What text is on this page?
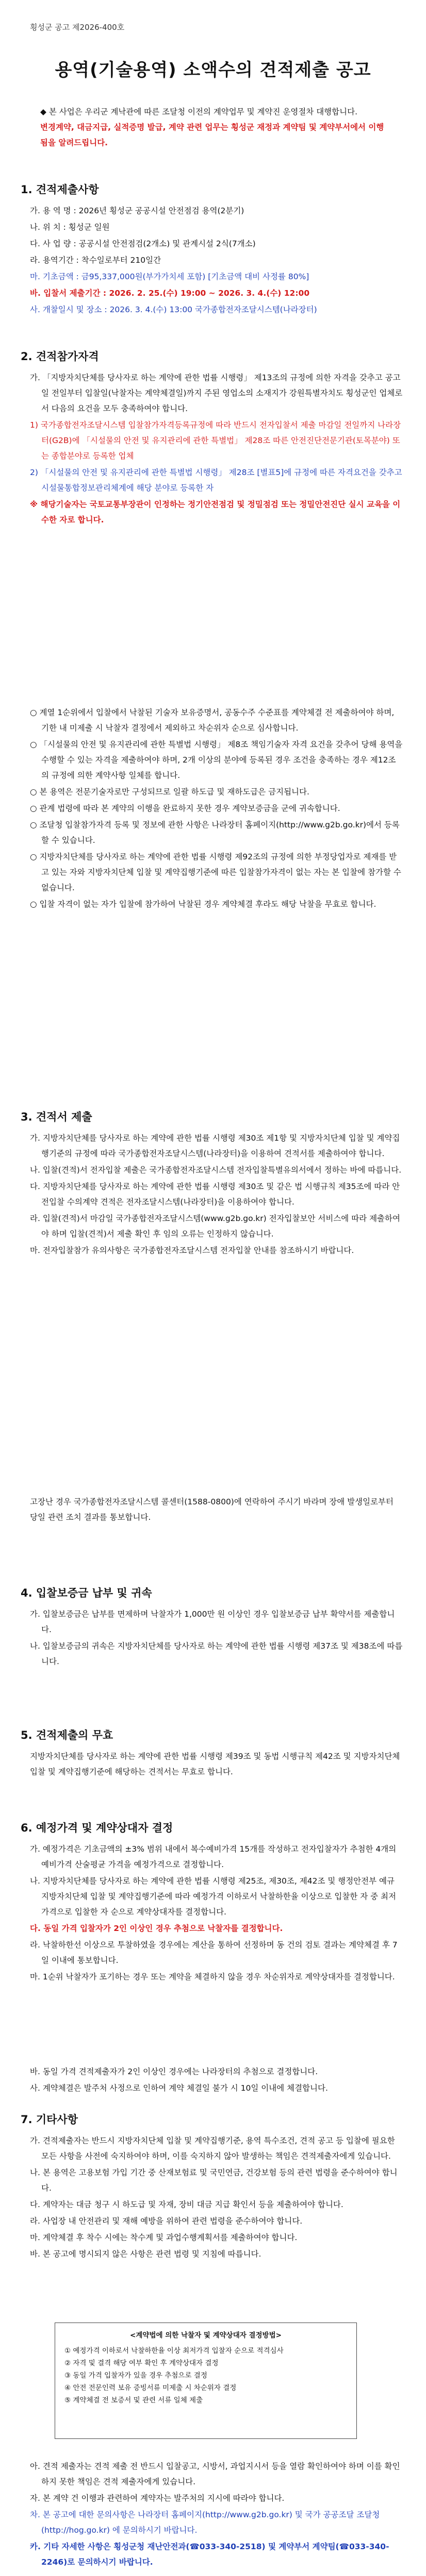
횡성군 공고 제2026-400호
용역(기술용역) 소액수의 견적제출 공고
◆ 본 사업은 우리군 계낙관에 따른 조달청 이전의 계약업무 및 계약진 운영절차 대행합니다.
변경계약, 대금지급, 실적증명 발급, 계약 관련 업무는 횡성군 재정과 계약팀 및 계약부서에서 이행됨을 알려드립니다.
1. 견적제출사항
가. 용 역 명 : 2026년 횡성군 공공시설 안전점검 용역(2분기)
나. 위 치 : 횡성군 일원
다. 사 업 량 : 공공시설 안전점검(2개소) 및 관계시설 2식(7개소)
라. 용역기간 : 착수일로부터 210일간
마. 기초금액 : 금95,337,000원(부가가치세 포함) [기초금액 대비 사정률 80%]
바. 입찰서 제출기간 : 2026. 2. 25.(수) 19:00 ~ 2026. 3. 4.(수) 12:00
사. 개찰일시 및 장소 : 2026. 3. 4.(수) 13:00 국가종합전자조달시스템(나라장터)
2. 견적참가자격
가. 「지방자치단체를 당사자로 하는 계약에 관한 법률 시행령」 제13조의 규정에 의한 자격을 갖추고 공고일 전일부터 입찰일(낙찰자는 계약체결일)까지 주된 영업소의 소재지가 강원특별자치도 횡성군인 업체로서 다음의 요건을 모두 충족하여야 합니다.
1) 국가종합전자조달시스템 입찰참가자격등록규정에 따라 반드시 전자입찰서 제출 마감일 전일까지 나라장터(G2B)에 「시설물의 안전 및 유지관리에 관한 특별법」 제28조 따른 안전진단전문기관(토목분야) 또는 종합분야로 등록한 업체
2) 「시설물의 안전 및 유지관리에 관한 특별법 시행령」 제28조 [별표5]에 규정에 따른 자격요건을 갖추고 시설물통합정보관리체계에 해당 분야로 등록한 자
※ 해당기술자는 국토교통부장관이 인정하는 정기안전점검 및 정밀점검 또는 정밀안전진단 실시 교육을 이수한 자로 합니다.
○ 계열 1순위에서 입찰에서 낙찰된 기술자 보유증명서, 공동수주 수준표를 계약체결 전 제출하여야 하며, 기한 내 미제출 시 낙찰자 결정에서 제외하고 차순위자 순으로 심사합니다.
○ 「시설물의 안전 및 유지관리에 관한 특별법 시행령」 제8조 책임기술자 자격 요건을 갖추어 당해 용역을 수행할 수 있는 자격을 제출하여야 하며, 2개 이상의 분야에 등록된 경우 조건을 충족하는 경우 제12조의 규정에 의한 계약사항 일체를 합니다.
○ 본 용역은 전문기술자로만 구성되므로 일괄 하도급 및 재하도급은 금지됩니다.
○ 관계 법령에 따라 본 계약의 이행을 완료하지 못한 경우 계약보증금을 군에 귀속합니다.
○ 조달청 입찰참가자격 등록 및 정보에 관한 사항은 나라장터 홈페이지(http://www.g2b.go.kr)에서 등록할 수 있습니다.
○ 지방자치단체를 당사자로 하는 계약에 관한 법률 시행령 제92조의 규정에 의한 부정당업자로 제재를 받고 있는 자와 지방자치단체 입찰 및 계약집행기준에 따른 입찰참가자격이 없는 자는 본 입찰에 참가할 수 없습니다.
○ 입찰 자격이 없는 자가 입찰에 참가하여 낙찰된 경우 계약체결 후라도 해당 낙찰을 무효로 합니다.
3. 견적서 제출
가. 지방자치단체를 당사자로 하는 계약에 관한 법률 시행령 제30조 제1항 및 지방자치단체 입찰 및 계약집행기준의 규정에 따라 국가종합전자조달시스템(나라장터)을 이용하여 견적서를 제출하여야 합니다.
나. 입찰(견적)서 전자입찰 제출은 국가종합전자조달시스템 전자입찰특별유의서에서 정하는 바에 따릅니다.
다. 지방자치단체를 당사자로 하는 계약에 관한 법률 시행령 제30조 및 같은 법 시행규칙 제35조에 따라 안전입찰 수의계약 견적은 전자조달시스템(나라장터)을 이용하여야 합니다.
라. 입찰(견적)서 마감일 국가종합전자조달시스템(www.g2b.go.kr) 전자입찰보안 서비스에 따라 제출하여야 하며 입찰(견적)서 제출 확인 후 임의 오류는 인정하지 않습니다.
마. 전자입찰참가 유의사항은 국가종합전자조달시스템 전자입찰 안내를 참조하시기 바랍니다.
고장난 경우 국가종합전자조달시스템 콜센터(1588-0800)에 연락하여 주시기 바라며 장애 발생일로부터 당일 관련 조치 결과를 통보합니다.
4. 입찰보증금 납부 및 귀속
가. 입찰보증금은 납부를 면제하며 낙찰자가 1,000만 원 이상인 경우 입찰보증금 납부 확약서를 제출합니다.
나. 입찰보증금의 귀속은 지방자치단체를 당사자로 하는 계약에 관한 법률 시행령 제37조 및 제38조에 따릅니다.
5. 견적제출의 무효
지방자치단체를 당사자로 하는 계약에 관한 법률 시행령 제39조 및 동법 시행규칙 제42조 및 지방자치단체 입찰 및 계약집행기준에 해당하는 견적서는 무효로 합니다.
6. 예정가격 및 계약상대자 결정
가. 예정가격은 기초금액의 ±3% 범위 내에서 복수예비가격 15개를 작성하고 전자입찰자가 추첨한 4개의 예비가격 산술평균 가격을 예정가격으로 결정합니다.
나. 지방자치단체를 당사자로 하는 계약에 관한 법률 시행령 제25조, 제30조, 제42조 및 행정안전부 예규 지방자치단체 입찰 및 계약집행기준에 따라 예정가격 이하로서 낙찰하한율 이상으로 입찰한 자 중 최저가격으로 입찰한 자 순으로 계약상대자를 결정합니다.
다. 동일 가격 입찰자가 2인 이상인 경우 추첨으로 낙찰자를 결정합니다.
라. 낙찰하한선 이상으로 투찰하였을 경우에는 계산을 통하여 선정하며 동 건의 검토 결과는 계약체결 후 7일 이내에 통보합니다.
마. 1순위 낙찰자가 포기하는 경우 또는 계약을 체결하지 않을 경우 차순위자로 계약상대자를 결정합니다.
바. 동일 가격 견적제출자가 2인 이상인 경우에는 나라장터의 추첨으로 결정합니다.
사. 계약체결은 발주처 사정으로 인하여 계약 체결일 불가 시 10일 이내에 체결합니다.
7. 기타사항
가. 견적제출자는 반드시 지방자치단체 입찰 및 계약집행기준, 용역 특수조건, 견적 공고 등 입찰에 필요한 모든 사항을 사전에 숙지하여야 하며, 이를 숙지하지 않아 발생하는 책임은 견적제출자에게 있습니다.
나. 본 용역은 고용보험 가입 기간 중 산재보험료 및 국민연금, 건강보험 등의 관련 법령을 준수하여야 합니다.
다. 계약자는 대금 청구 시 하도급 및 자재, 장비 대금 지급 확인서 등을 제출하여야 합니다.
라. 사업장 내 안전관리 및 재해 예방을 위하여 관련 법령을 준수하여야 합니다.
마. 계약체결 후 착수 시에는 착수계 및 과업수행계획서를 제출하여야 합니다.
바. 본 공고에 명시되지 않은 사항은 관련 법령 및 지침에 따릅니다.
<계약법에 의한 낙찰자 및 계약상대자 결정방법>
① 예정가격 이하로서 낙찰하한율 이상 최저가격 입찰자 순으로 적격심사
② 자격 및 결격 해당 여부 확인 후 계약상대자 결정
③ 동일 가격 입찰자가 있을 경우 추첨으로 결정
④ 안전 전문인력 보유 증빙서류 미제출 시 차순위자 결정
⑤ 계약체결 전 보증서 및 관련 서류 일체 제출
아. 견적 제출자는 견적 제출 전 반드시 입찰공고, 시방서, 과업지시서 등을 열람 확인하여야 하며 이를 확인하지 못한 책임은 견적 제출자에게 있습니다.
자. 본 계약 건 이행과 관련하여 계약자는 발주처의 지시에 따라야 합니다.
차. 본 공고에 대한 문의사항은 나라장터 홈페이지(http://www.g2b.go.kr) 및 국가 공공조달 조달청(http://hog.go.kr) 에 문의하시기 바랍니다.
카. 기타 자세한 사항은 횡성군청 재난안전과(☎033-340-2518) 및 계약부서 계약팀(☎033-340-2246)로 문의하시기 바랍니다.
